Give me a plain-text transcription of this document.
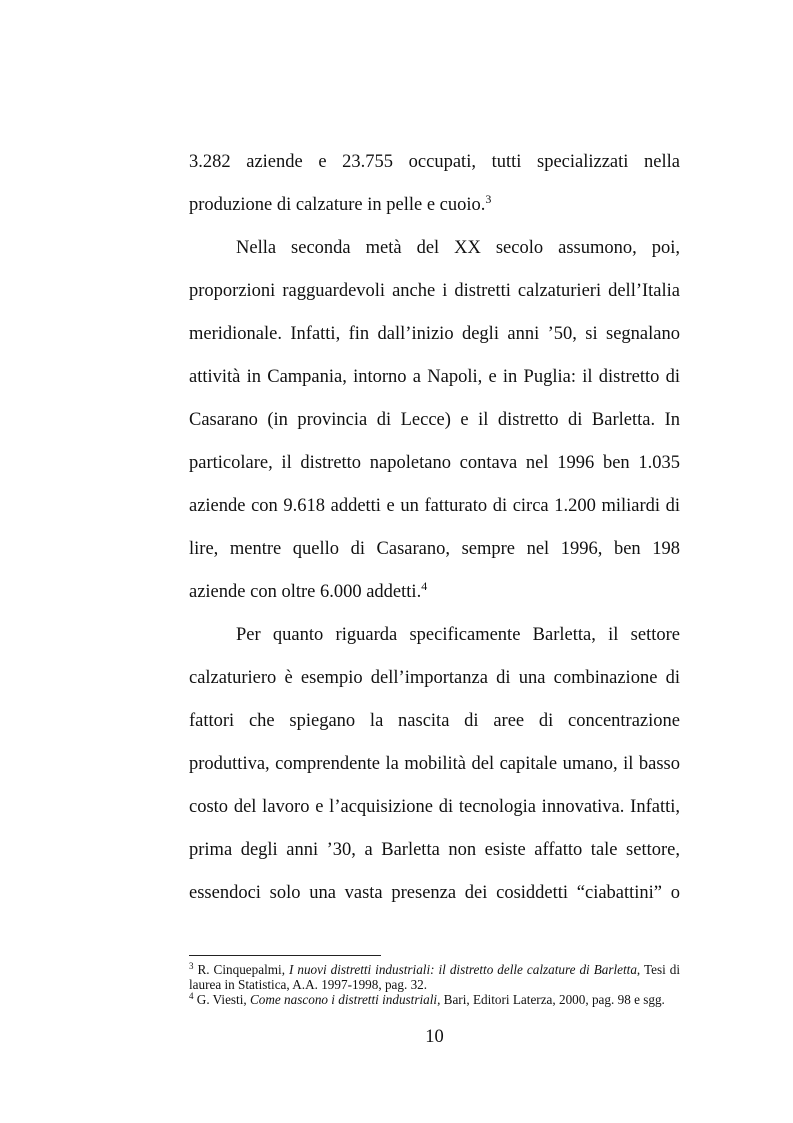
3.282 aziende e 23.755 occupati, tutti specializzati nella
produzione di calzature in pelle e cuoio.$^3$
Nella seconda metà del XX secolo assumono, poi,
proporzioni ragguardevoli anche i distretti calzaturieri dell’Italia
meridionale. Infatti, fin dall’inizio degli anni ’50, si segnalano
attività in Campania, intorno a Napoli, e in Puglia: il distretto di
Casarano (in provincia di Lecce) e il distretto di Barletta. In
particolare, il distretto napoletano contava nel 1996 ben 1.035
aziende con 9.618 addetti e un fatturato di circa 1.200 miliardi di
lire, mentre quello di Casarano, sempre nel 1996, ben 198
aziende con oltre 6.000 addetti.$^4$
Per quanto riguarda specificamente Barletta, il settore
calzaturiero è esempio dell’importanza di una combinazione di
fattori che spiegano la nascita di aree di concentrazione
produttiva, comprendente la mobilità del capitale umano, il basso
costo del lavoro e l’acquisizione di tecnologia innovativa. Infatti,
prima degli anni ’30, a Barletta non esiste affatto tale settore,
essendoci solo una vasta presenza dei cosiddetti “ciabattini” o
$^3$ R. Cinquepalmi, I nuovi distretti industriali: il distretto delle calzature di Barletta, Tesi di
laurea in Statistica, A.A. 1997-1998, pag. 32.
$^4$ G. Viesti, Come nascono i distretti industriali, Bari, Editori Laterza, 2000, pag. 98 e sgg.
10
